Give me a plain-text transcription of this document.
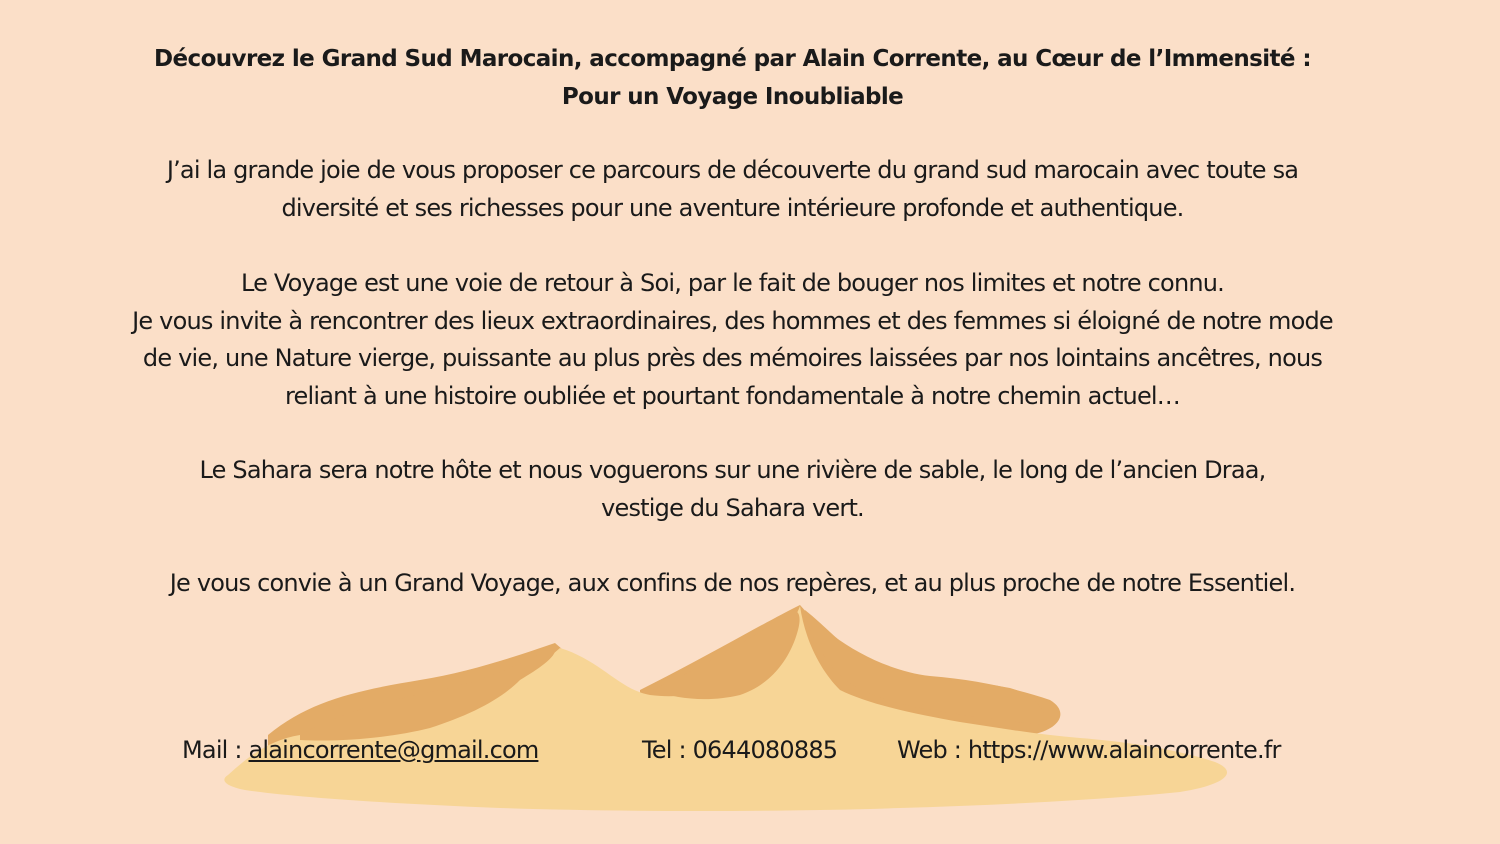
Découvrez le Grand Sud Marocain, accompagné par Alain Corrente, au Cœur de l’Immensité :
Pour un Voyage Inoubliable
J’ai la grande joie de vous proposer ce parcours de découverte du grand sud marocain avec toute sa
diversité et ses richesses pour une aventure intérieure profonde et authentique.
Le Voyage est une voie de retour à Soi, par le fait de bouger nos limites et notre connu.
Je vous invite à rencontrer des lieux extraordinaires, des hommes et des femmes si éloigné de notre mode
de vie, une Nature vierge, puissante au plus près des mémoires laissées par nos lointains ancêtres, nous
reliant à une histoire oubliée et pourtant fondamentale à notre chemin actuel…
Le Sahara sera notre hôte et nous voguerons sur une rivière de sable, le long de l’ancien Draa,
vestige du Sahara vert.
Je vous convie à un Grand Voyage, aux confins de nos repères, et au plus proche de notre Essentiel.
Mail : alaincorrente@gmail.com	Tel : 0644080885 Web : https://www.alaincorrente.fr
